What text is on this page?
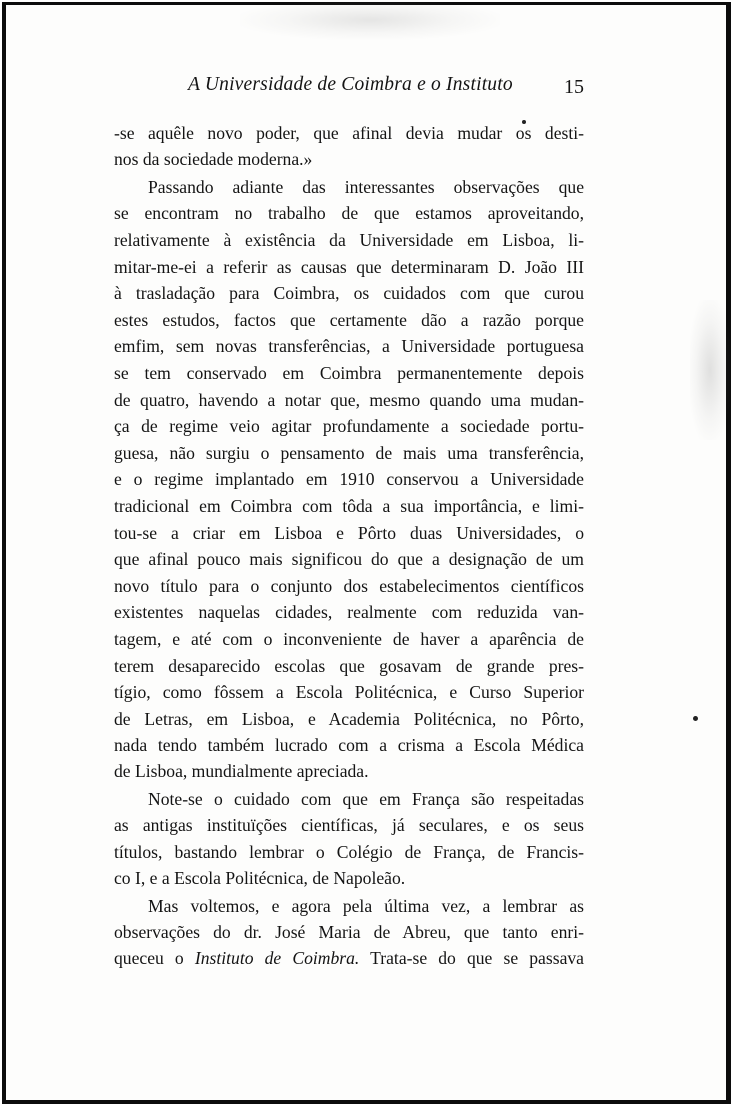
A Universidade de Coimbra e o Instituto	15
-se aquêle novo poder, que afinal devia mudar os desti-
nos da sociedade moderna.»
Passando adiante das interessantes observações que
se encontram no trabalho de que estamos aproveitando,
relativamente à existência da Universidade em Lisboa, li-
mitar-me-ei a referir as causas que determinaram D. João III
à trasladação para Coimbra, os cuidados com que curou
estes estudos, factos que certamente dão a razão porque
emfim, sem novas transferências, a Universidade portuguesa
se tem conservado em Coimbra permanentemente depois
de quatro, havendo a notar que, mesmo quando uma mudan-
ça de regime veio agitar profundamente a sociedade portu-
guesa, não surgiu o pensamento de mais uma transferência,
e o regime implantado em 1910 conservou a Universidade
tradicional em Coimbra com tôda a sua importância, e limi-
tou-se a criar em Lisboa e Pôrto duas Universidades, o
que afinal pouco mais significou do que a designação de um
novo título para o conjunto dos estabelecimentos científicos
existentes naquelas cidades, realmente com reduzida van-
tagem, e até com o inconveniente de haver a aparência de
terem desaparecido escolas que gosavam de grande pres-
tígio, como fôssem a Escola Politécnica, e Curso Superior
de Letras, em Lisboa, e Academia Politécnica, no Pôrto,
nada tendo também lucrado com a crisma a Escola Médica
de Lisboa, mundialmente apreciada.
Note-se o cuidado com que em França são respeitadas
as antigas instituïções científicas, já seculares, e os seus
títulos, bastando lembrar o Colégio de França, de Francis-
co I, e a Escola Politécnica, de Napoleão.
Mas voltemos, e agora pela última vez, a lembrar as
observações do dr. José Maria de Abreu, que tanto enri-
queceu o Instituto de Coimbra. Trata-se do que se passava
